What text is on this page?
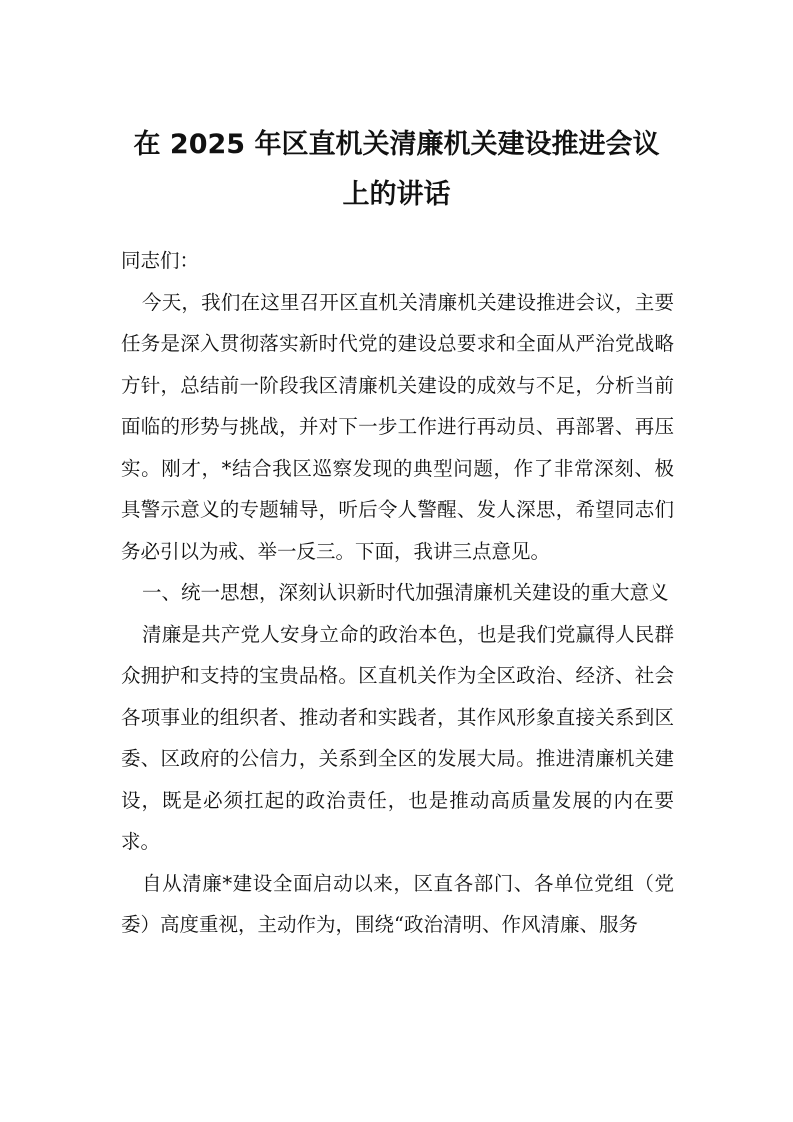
在 2025 年区直机关清廉机关建设推进会议

上的讲话

同志们：

今天，我们在这里召开区直机关清廉机关建设推进会议，主要任务是深入贯彻落实新时代党的建设总要求和全面从严治党战略方针，总结前一阶段我区清廉机关建设的成效与不足，分析当前面临的形势与挑战，并对下一步工作进行再动员、再部署、再压实。刚才，*结合我区巡察发现的典型问题，作了非常深刻、极具警示意义的专题辅导，听后令人警醒、发人深思，希望同志们务必引以为戒、举一反三。下面，我讲三点意见。

一、统一思想，深刻认识新时代加强清廉机关建设的重大意义

清廉是共产党人安身立命的政治本色，也是我们党赢得人民群众拥护和支持的宝贵品格。区直机关作为全区政治、经济、社会各项事业的组织者、推动者和实践者，其作风形象直接关系到区委、区政府的公信力，关系到全区的发展大局。推进清廉机关建设，既是必须扛起的政治责任，也是推动高质量发展的内在要求。

自从清廉*建设全面启动以来，区直各部门、各单位党组（党委）高度重视，主动作为，围绕“政治清明、作风清廉、服务
